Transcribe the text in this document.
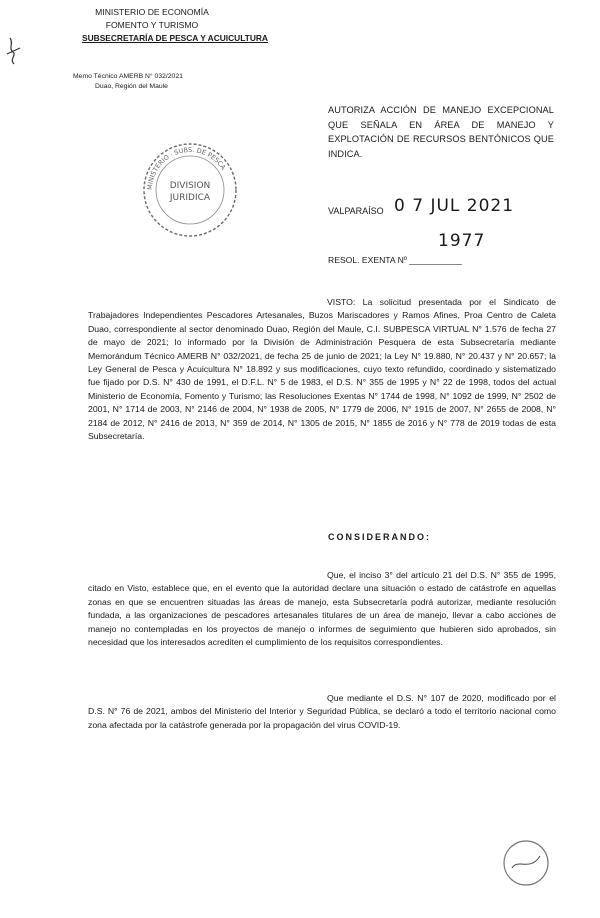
MINISTERIO DE ECONOMÍA
FOMENTO Y TURISMO
SUBSECRETARÍA DE PESCA Y ACUICULTURA
Memo Técnico AMERB N° 032/2021
Duao, Región del Maule
AUTORIZA ACCIÓN DE MANEJO EXCEPCIONAL QUE SEÑALA EN ÁREA DE MANEJO Y EXPLOTACIÓN DE RECURSOS BENTÓNICOS QUE INDICA.
MINISTERIO · SUBS. DE PESCA
DIVISION
JURIDICA
VALPARAÍSO 0 7 JUL 2021
1977
RESOL. EXENTA Nº ___________
VISTO: La solicitud presentada por el Sindicato de Trabajadores Independientes Pescadores Artesanales, Buzos Mariscadores y Ramos Afines, Proa Centro de Caleta Duao, correspondiente al sector denominado Duao, Región del Maule, C.I. SUBPESCA VIRTUAL N° 1.576 de fecha 27 de mayo de 2021; lo informado por la División de Administración Pesquera de esta Subsecretaría mediante Memorándum Técnico AMERB N° 032/2021, de fecha 25 de junio de 2021; la Ley N° 19.880, N° 20.437 y N° 20.657; la Ley General de Pesca y Acuicultura N° 18.892 y sus modificaciones, cuyo texto refundido, coordinado y sistematizado fue fijado por D.S. N° 430 de 1991, el D.F.L. N° 5 de 1983, el D.S. N° 355 de 1995 y N° 22 de 1998, todos del actual Ministerio de Economía, Fomento y Turismo; las Resoluciones Exentas N° 1744 de 1998, N° 1092 de 1999, N° 2502 de 2001, N° 1714 de 2003, N° 2146 de 2004, N° 1938 de 2005, N° 1779 de 2006, N° 1915 de 2007, N° 2655 de 2008, N° 2184 de 2012, N° 2416 de 2013, N° 359 de 2014, N° 1305 de 2015, N° 1855 de 2016 y N° 778 de 2019 todas de esta Subsecretaría.
CONSIDERANDO:
Que, el inciso 3° del artículo 21 del D.S. N° 355 de 1995, citado en Visto, establece que, en el evento que la autoridad declare una situación o estado de catástrofe en aquellas zonas en que se encuentren situadas las áreas de manejo, esta Subsecretaría podrá autorizar, mediante resolución fundada, a las organizaciones de pescadores artesanales titulares de un área de manejo, llevar a cabo acciones de manejo no contempladas en los proyectos de manejo o informes de seguimiento que hubieren sido aprobados, sin necesidad que los interesados acrediten el cumplimiento de los requisitos correspondientes.
Que mediante el D.S. N° 107 de 2020, modificado por el D.S. N° 76 de 2021, ambos del Ministerio del Interior y Seguridad Pública, se declaró a todo el territorio nacional como zona afectada por la catástrofe generada por la propagación del virus COVID-19.
